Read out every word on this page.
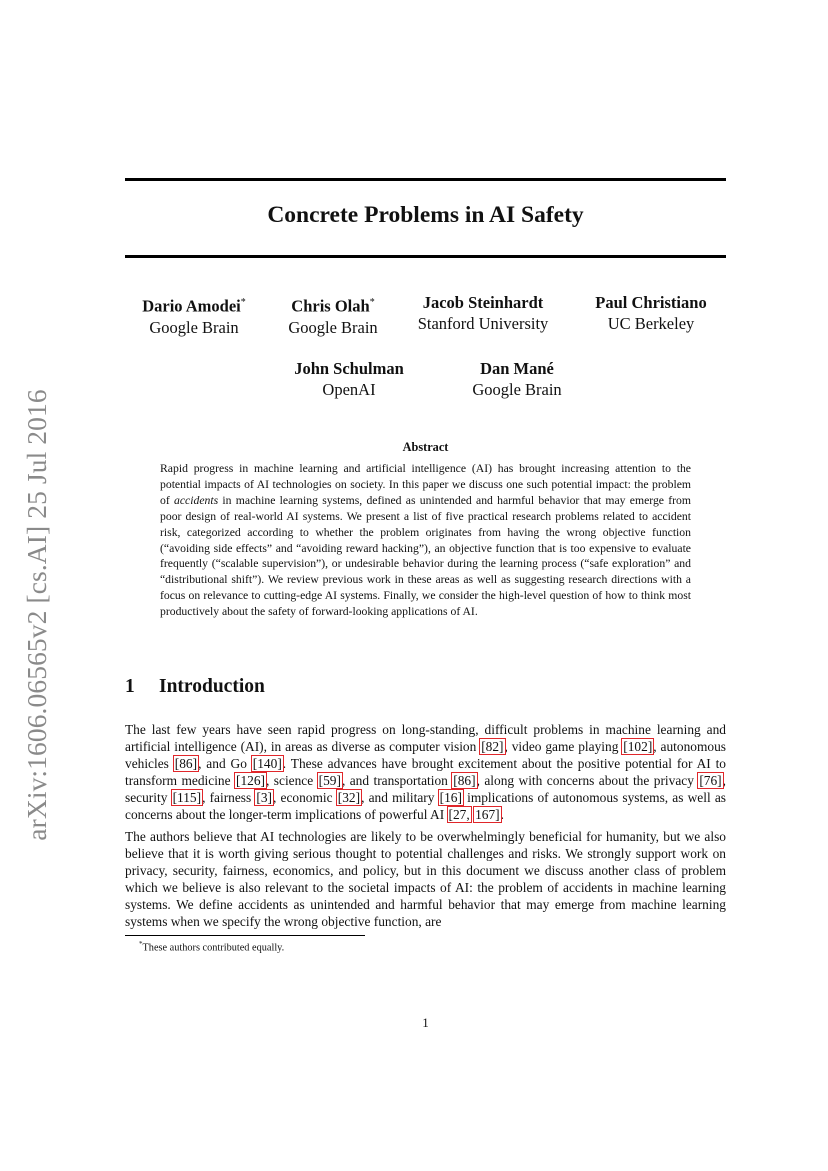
arXiv:1606.06565v2 [cs.AI] 25 Jul 2016
Concrete Problems in AI Safety
Dario Amodei*
Google Brain
Chris Olah*
Google Brain
Jacob Steinhardt
Stanford University
Paul Christiano
UC Berkeley
John Schulman
OpenAI
Dan Mané
Google Brain
Abstract

Rapid progress in machine learning and artificial intelligence (AI) has brought increasing attention to the potential impacts of AI technologies on society. In this paper we discuss one such potential impact: the problem of accidents in machine learning systems, defined as unintended and harmful behavior that may emerge from poor design of real-world AI systems. We present a list of five practical research problems related to accident risk, categorized according to whether the problem originates from having the wrong objective function (“avoiding side effects” and “avoiding reward hacking”), an objective function that is too expensive to evaluate frequently (“scalable supervision”), or undesirable behavior during the learning process (“safe exploration” and “distributional shift”). We review previous work in these areas as well as suggesting research directions with a focus on relevance to cutting-edge AI systems. Finally, we consider the high-level question of how to think most productively about the safety of forward-looking applications of AI.

1 Introduction

The last few years have seen rapid progress on long-standing, difficult problems in machine learning and artificial intelligence (AI), in areas as diverse as computer vision [82], video game playing [102], autonomous vehicles [86], and Go [140]. These advances have brought excitement about the positive potential for AI to transform medicine [126], science [59], and transportation [86], along with concerns about the privacy [76], security [115], fairness [3], economic [32], and military [16] implications of autonomous systems, as well as concerns about the longer-term implications of powerful AI [27, 167].

The authors believe that AI technologies are likely to be overwhelmingly beneficial for humanity, but we also believe that it is worth giving serious thought to potential challenges and risks. We strongly support work on privacy, security, fairness, economics, and policy, but in this document we discuss another class of problem which we believe is also relevant to the societal impacts of AI: the problem of accidents in machine learning systems. We define accidents as unintended and harmful behavior that may emerge from machine learning systems when we specify the wrong objective function, are

*These authors contributed equally.
1
